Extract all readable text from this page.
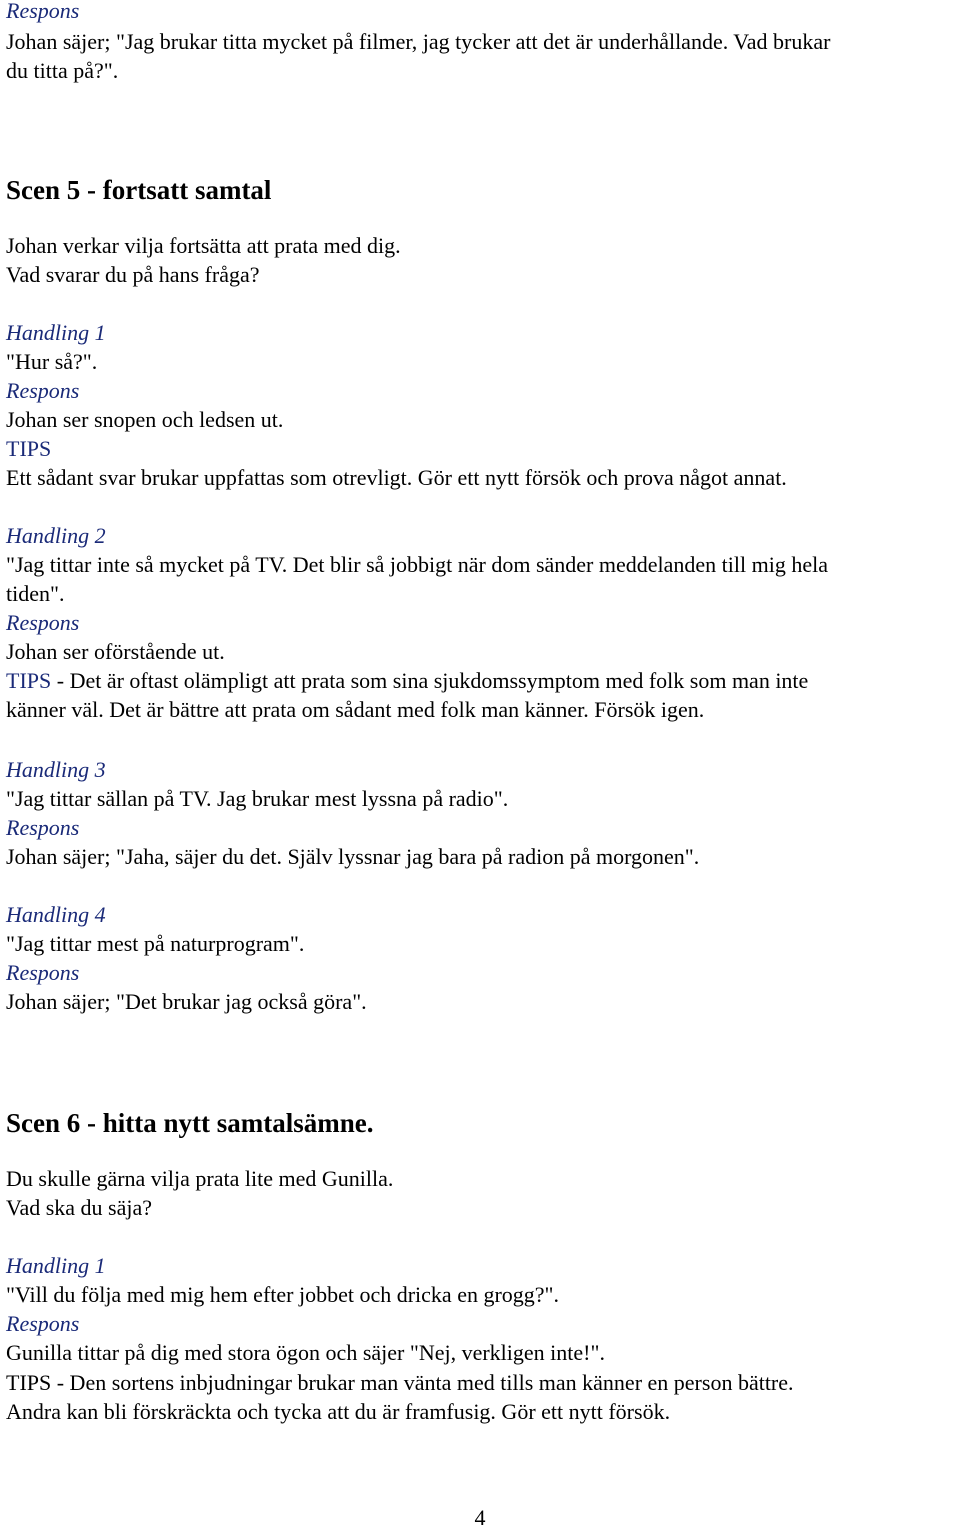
Respons

Johan säjer; "Jag brukar titta mycket på filmer, jag tycker att det är underhållande. Vad brukar

du titta på?".

Scen 5 - fortsatt samtal

Johan verkar vilja fortsätta att prata med dig.

Vad svarar du på hans fråga?

Handling 1

"Hur så?".

Respons

Johan ser snopen och ledsen ut.

TIPS

Ett sådant svar brukar uppfattas som otrevligt. Gör ett nytt försök och prova något annat.

Handling 2

"Jag tittar inte så mycket på TV. Det blir så jobbigt när dom sänder meddelanden till mig hela

tiden".

Respons

Johan ser oförstående ut.

TIPS - Det är oftast olämpligt att prata som sina sjukdomssymptom med folk som man inte

känner väl. Det är bättre att prata om sådant med folk man känner. Försök igen.

Handling 3

"Jag tittar sällan på TV. Jag brukar mest lyssna på radio".

Respons

Johan säjer; "Jaha, säjer du det. Själv lyssnar jag bara på radion på morgonen".

Handling 4

"Jag tittar mest på naturprogram".

Respons

Johan säjer; "Det brukar jag också göra".

Scen 6 - hitta nytt samtalsämne.

Du skulle gärna vilja prata lite med Gunilla.

Vad ska du säja?

Handling 1

"Vill du följa med mig hem efter jobbet och dricka en grogg?".

Respons

Gunilla tittar på dig med stora ögon och säjer "Nej, verkligen inte!".

TIPS - Den sortens inbjudningar brukar man vänta med tills man känner en person bättre.

Andra kan bli förskräckta och tycka att du är framfusig. Gör ett nytt försök.

4
